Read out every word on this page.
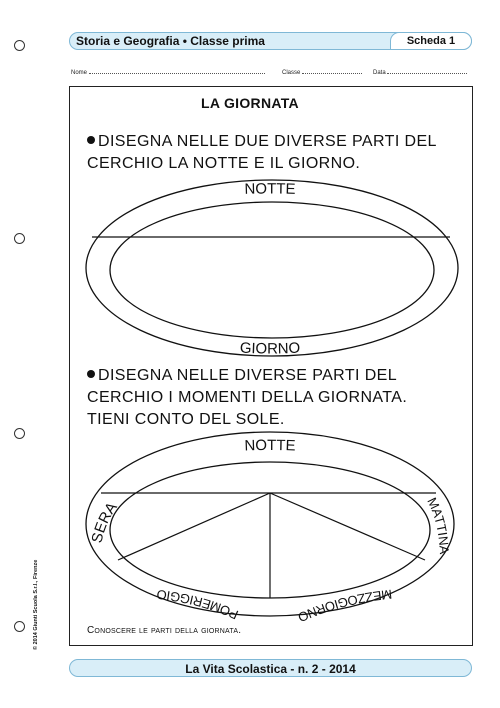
Storia e Geografia • Classe prima	Scheda 1
Nome	Classe	Data
LA GIORNATA
DISEGNA NELLE DUE DIVERSE PARTI DEL
CERCHIO LA NOTTE E IL GIORNO.
DISEGNA NELLE DIVERSE PARTI DEL
CERCHIO I MOMENTI DELLA GIORNATA.
TIENI CONTO DEL SOLE.
NOTTE
GIORNO
NOTTE
SERA	MATTINA
POMERIGGIO	MEZZOGIORNO
Conoscere le parti della giornata.
© 2014 Giunti Scuola S.r.l., Firenze
La Vita Scolastica - n. 2 - 2014
